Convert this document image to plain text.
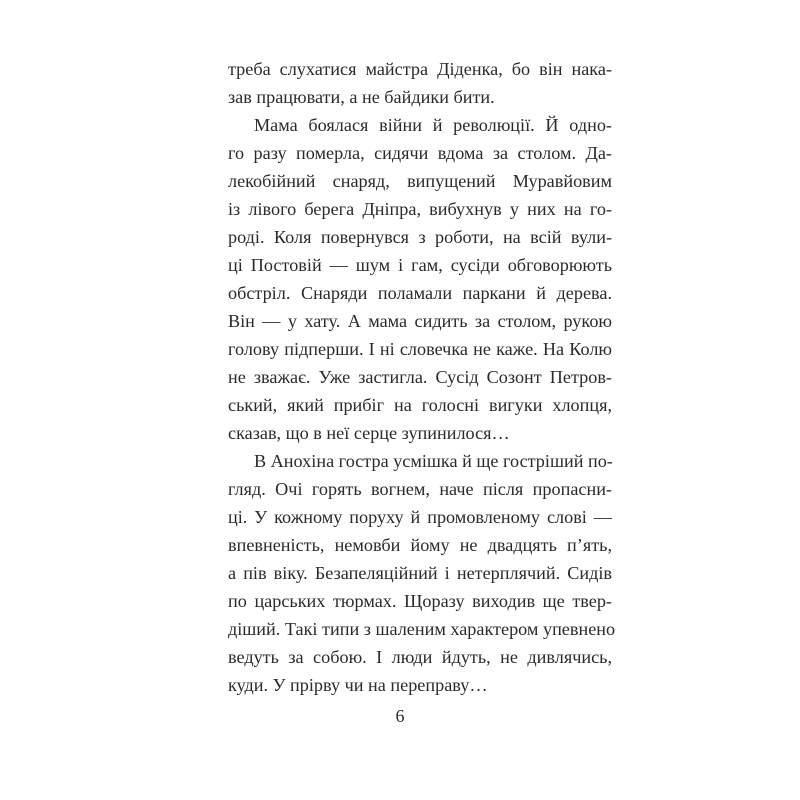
треба слухатися майстра Діденка, бо він нака-
зав працювати, а не байдики бити.
Мама боялася війни й революції. Й одно-
го разу померла, сидячи вдома за столом. Да-
лекобійний снаряд, випущений Муравйовим
із лівого берега Дніпра, вибухнув у них на го-
роді. Коля повернувся з роботи, на всій вули-
ці Постовій — шум і гам, сусіди обговорюють
обстріл. Снаряди поламали паркани й дерева.
Він — у хату. А мама сидить за столом, рукою
голову підперши. І ні словечка не каже. На Колю
не зважає. Уже застигла. Сусід Созонт Петров-
ський, який прибіг на голосні вигуки хлопця,
сказав, що в неї серце зупинилося…
В Анохіна гостра усмішка й ще гостріший по-
гляд. Очі горять вогнем, наче після пропасни-
ці. У кожному поруху й промовленому слові —
впевненість, немовби йому не двадцять п’ять,
а пів віку. Безапеляційний і нетерплячий. Сидів
по царських тюрмах. Щоразу виходив ще твер-
діший. Такі типи з шаленим характером упевнено
ведуть за собою. І люди йдуть, не дивлячись,
куди. У прірву чи на переправу…
6
